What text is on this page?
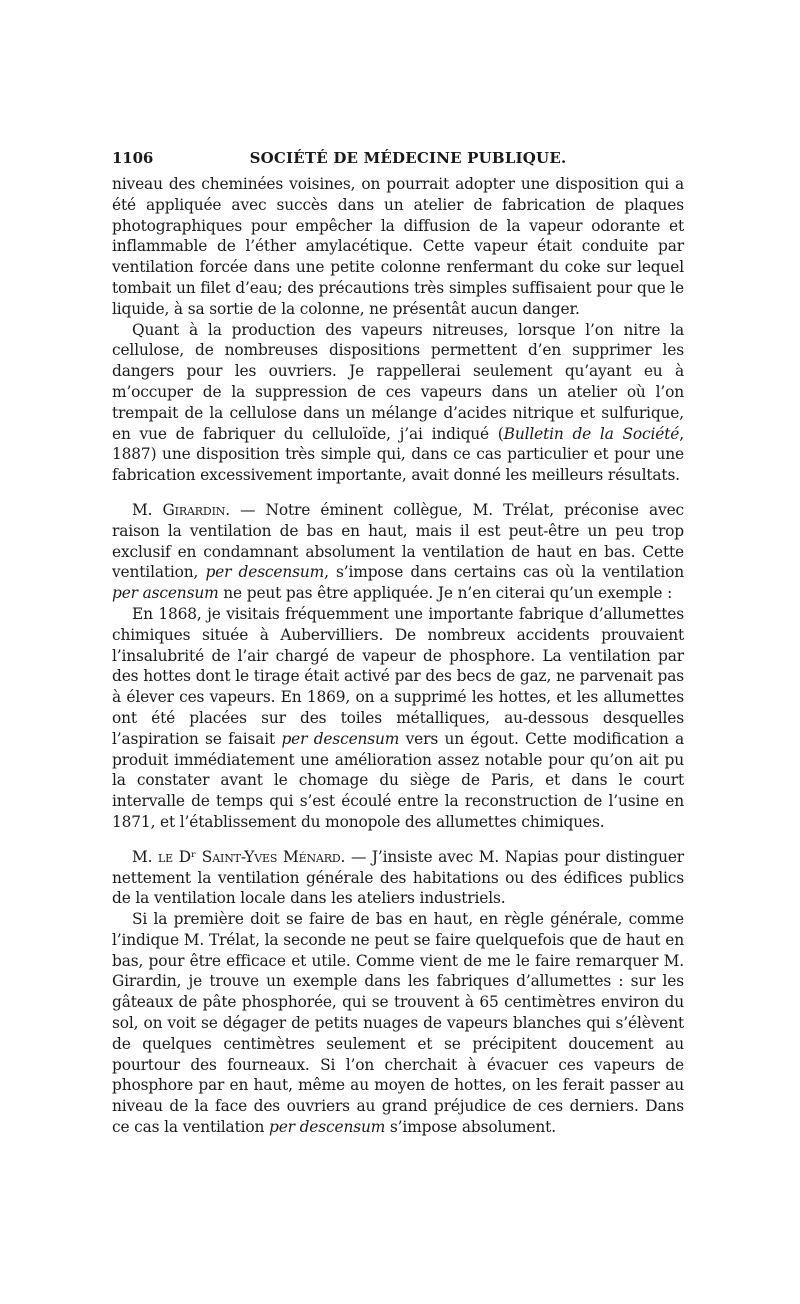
1106	SOCIÉTÉ DE MÉDECINE PUBLIQUE.

niveau des cheminées voisines, on pourrait adopter une disposition qui a été appliquée avec succès dans un atelier de fabrication de plaques photographiques pour empêcher la diffusion de la vapeur odorante et inflammable de l’éther amylacétique. Cette vapeur était conduite par ventilation forcée dans une petite colonne renfermant du coke sur lequel tombait un filet d’eau; des précautions très simples suffisaient pour que le liquide, à sa sortie de la colonne, ne présentât aucun danger.

Quant à la production des vapeurs nitreuses, lorsque l’on nitre la cellulose, de nombreuses dispositions permettent d’en supprimer les dangers pour les ouvriers. Je rappellerai seulement qu’ayant eu à m’occuper de la suppression de ces vapeurs dans un atelier où l’on trempait de la cellulose dans un mélange d’acides nitrique et sulfurique, en vue de fabriquer du celluloïde, j’ai indiqué (Bulletin de la Société, 1887) une disposition très simple qui, dans ce cas particulier et pour une fabrication excessivement importante, avait donné les meilleurs résultats.

M. Girardin. — Notre éminent collègue, M. Trélat, préconise avec raison la ventilation de bas en haut, mais il est peut-être un peu trop exclusif en condamnant absolument la ventilation de haut en bas. Cette ventilation, per descensum, s’impose dans certains cas où la ventilation per ascensum ne peut pas être appliquée. Je n’en citerai qu’un exemple :

En 1868, je visitais fréquemment une importante fabrique d’allumettes chimiques située à Aubervilliers. De nombreux accidents prouvaient l’insalubrité de l’air chargé de vapeur de phosphore. La ventilation par des hottes dont le tirage était activé par des becs de gaz, ne parvenait pas à élever ces vapeurs. En 1869, on a supprimé les hottes, et les allumettes ont été placées sur des toiles métalliques, au-dessous desquelles l’aspiration se faisait per descensum vers un égout. Cette modification a produit immédiatement une amélioration assez notable pour qu’on ait pu la constater avant le chomage du siège de Paris, et dans le court intervalle de temps qui s’est écoulé entre la reconstruction de l’usine en 1871, et l’établissement du monopole des allumettes chimiques.

M. le Dʳ Saint-Yves Ménard. — J’insiste avec M. Napias pour distinguer nettement la ventilation générale des habitations ou des édifices publics de la ventilation locale dans les ateliers industriels.

Si la première doit se faire de bas en haut, en règle générale, comme l’indique M. Trélat, la seconde ne peut se faire quelquefois que de haut en bas, pour être efficace et utile. Comme vient de me le faire remarquer M. Girardin, je trouve un exemple dans les fabriques d’allumettes : sur les gâteaux de pâte phosphorée, qui se trouvent à 65 centimètres environ du sol, on voit se dégager de petits nuages de vapeurs blanches qui s’élèvent de quelques centimètres seulement et se précipitent doucement au pourtour des fourneaux. Si l’on cherchait à évacuer ces vapeurs de phosphore par en haut, même au moyen de hottes, on les ferait passer au niveau de la face des ouvriers au grand préjudice de ces derniers. Dans ce cas la ventilation per descensum s’impose absolument.
